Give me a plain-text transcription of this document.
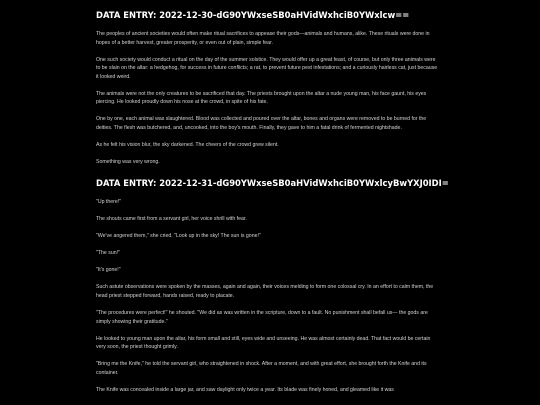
DATA ENTRY: 2022-12-30-dG90YWxseSB0aHVidWxhciB0YWxlcw==

The peoples of ancient societies would often make ritual sacrifices to appease their gods—animals and humans, alike. These rituals were done in hopes of a better harvest, greater prosperity, or even out of plain, simple fear.

One such society would conduct a ritual on the day of the summer solstice. They would offer up a great feast, of course, but only three animals were to be slain on the altar: a hedgehog, for success in future conflicts; a rat, to prevent future pest infestations; and a curiously hairless cat, just because it looked weird.

The animals were not the only creatures to be sacrificed that day. The priests brought upon the altar a nude young man, his face gaunt, his eyes piercing. He looked proudly down his nose at the crowd, in spite of his fate.

One by one, each animal was slaughtered. Blood was collected and poured over the altar, bones and organs were removed to be burned for the deities. The flesh was butchered, and, uncooked, into the boy's mouth. Finally, they gave to him a fatal drink of fermented nightshade.

As he felt his vision blur, the sky darkened. The cheers of the crowd grew silent.

Something was very wrong.

DATA ENTRY: 2022-12-31-dG90YWxseSB0aHVidWxhciB0YWxlcyBwYXJ0IDI=

"Up there!"

The shouts came first from a servant girl, her voice shrill with fear.

"We've angered them," she cried. "Look up in the sky! The sun is gone!"

"The sun!"

"It's gone!"

Such astute observations were spoken by the masses, again and again, their voices melding to form one colossal cry. In an effort to calm them, the head priest stepped forward, hands raised, ready to placate.

"The procedures were perfect!" he shouted. "We did as was written in the scripture, down to a fault. No punishment shall befall us— the gods are simply showing their gratitude."

He looked to young man upon the altar, his form small and still, eyes wide and unseeing. He was almost certainly dead. That fact would be certain very soon, the priest thought grimly.

"Bring me the Knife," he told the servant girl, who straightened in shock. After a moment, and with great effort, she brought forth the Knife and its container.

The Knife was concealed inside a large jar, and saw daylight only twice a year. Its blade was finely honed, and gleamed like it was
